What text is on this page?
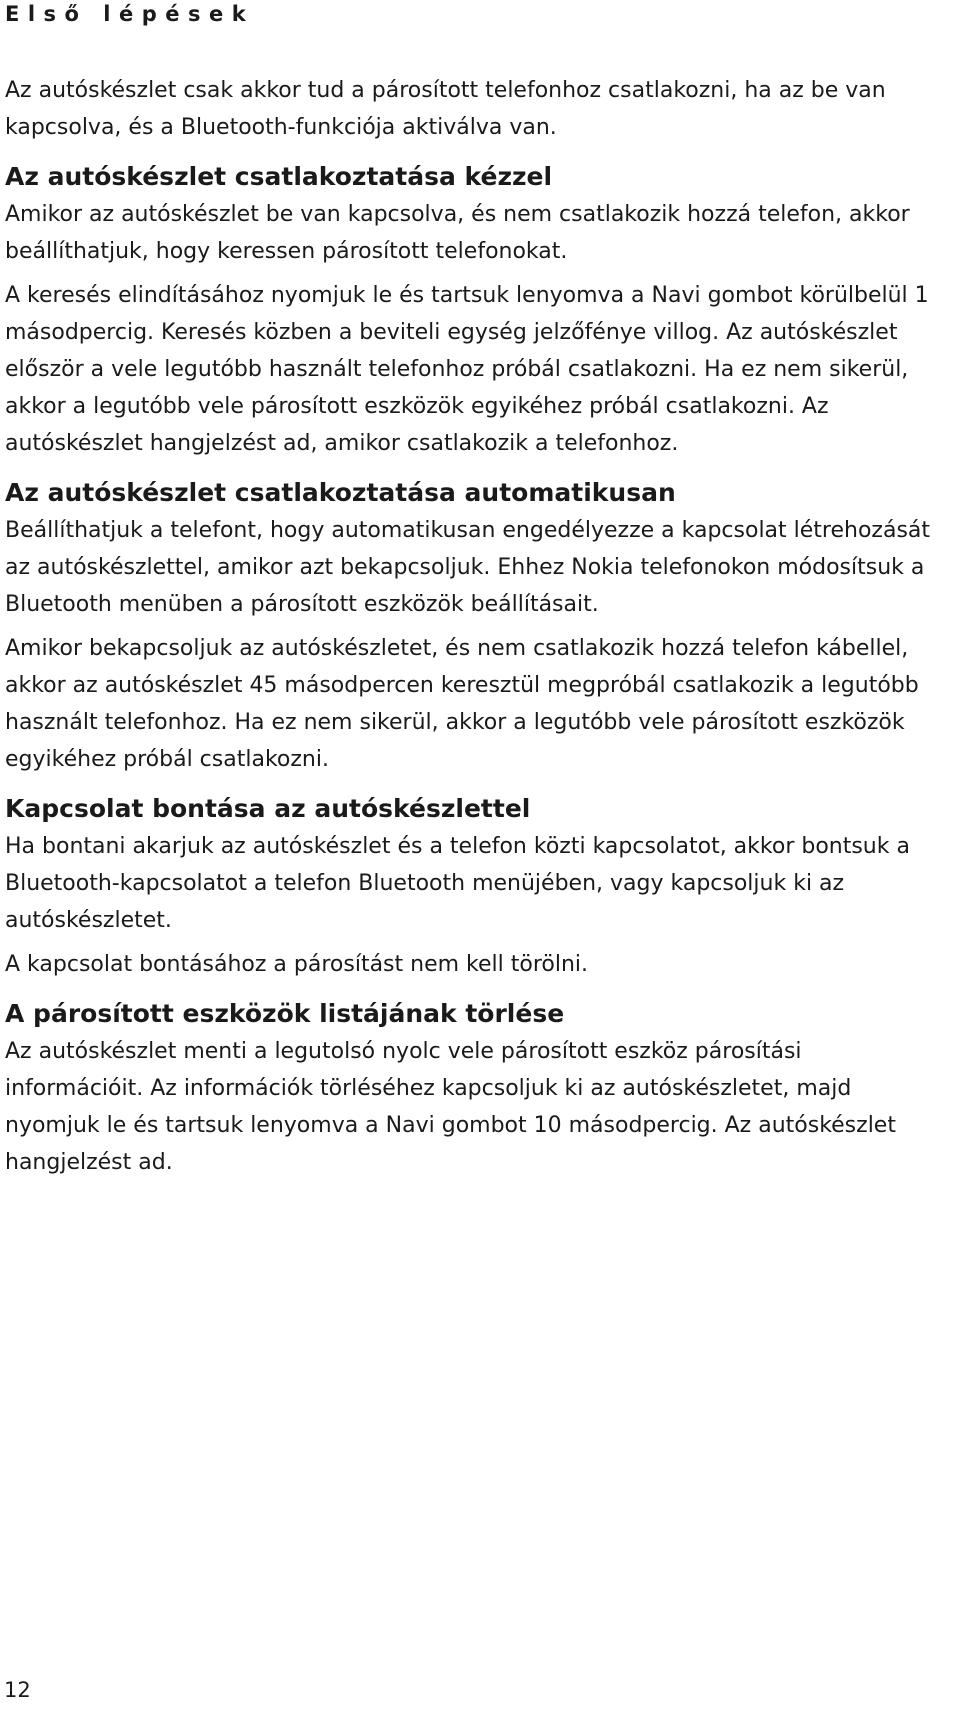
Első lépések

Az autóskészlet csak akkor tud a párosított telefonhoz csatlakozni, ha az be van kapcsolva, és a Bluetooth-funkciója aktiválva van.

Az autóskészlet csatlakoztatása kézzel

Amikor az autóskészlet be van kapcsolva, és nem csatlakozik hozzá telefon, akkor beállíthatjuk, hogy keressen párosított telefonokat.

A keresés elindításához nyomjuk le és tartsuk lenyomva a Navi gombot körülbelül 1 másodpercig. Keresés közben a beviteli egység jelzőfénye villog. Az autóskészlet először a vele legutóbb használt telefonhoz próbál csatlakozni. Ha ez nem sikerül, akkor a legutóbb vele párosított eszközök egyikéhez próbál csatlakozni. Az autóskészlet hangjelzést ad, amikor csatlakozik a telefonhoz.

Az autóskészlet csatlakoztatása automatikusan

Beállíthatjuk a telefont, hogy automatikusan engedélyezze a kapcsolat létrehozását az autóskészlettel, amikor azt bekapcsoljuk. Ehhez Nokia telefonokon módosítsuk a Bluetooth menüben a párosított eszközök beállításait.

Amikor bekapcsoljuk az autóskészletet, és nem csatlakozik hozzá telefon kábellel, akkor az autóskészlet 45 másodpercen keresztül megpróbál csatlakozik a legutóbb használt telefonhoz. Ha ez nem sikerül, akkor a legutóbb vele párosított eszközök egyikéhez próbál csatlakozni.

Kapcsolat bontása az autóskészlettel

Ha bontani akarjuk az autóskészlet és a telefon közti kapcsolatot, akkor bontsuk a Bluetooth-kapcsolatot a telefon Bluetooth menüjében, vagy kapcsoljuk ki az autóskészletet.

A kapcsolat bontásához a párosítást nem kell törölni.

A párosított eszközök listájának törlése

Az autóskészlet menti a legutolsó nyolc vele párosított eszköz párosítási információit. Az információk törléséhez kapcsoljuk ki az autóskészletet, majd nyomjuk le és tartsuk lenyomva a Navi gombot 10 másodpercig. Az autóskészlet hangjelzést ad.

12
